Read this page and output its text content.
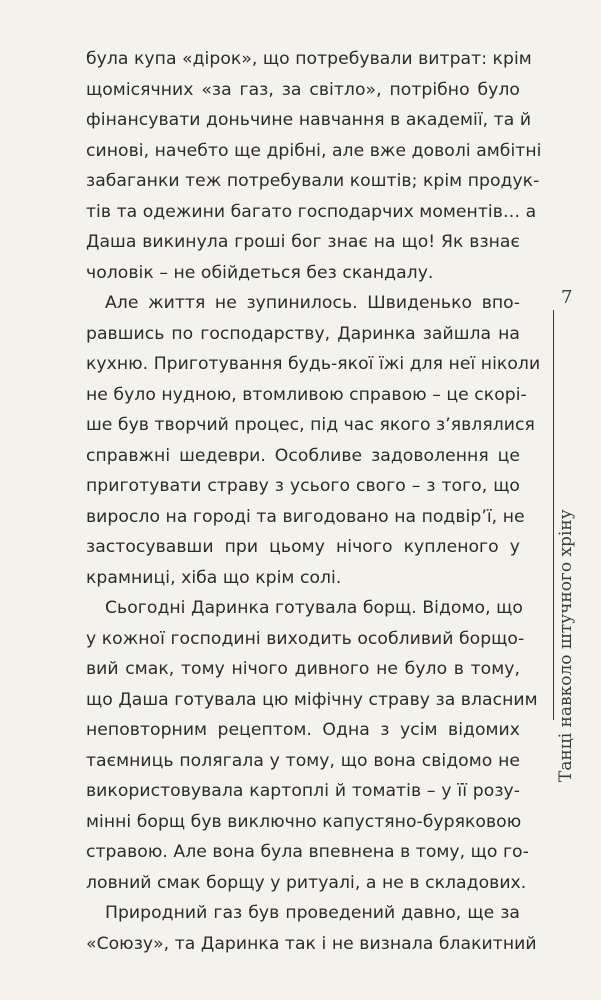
була купа «дірок», що потребували витрат: крім
щомісячних «за газ, за світло», потрібно було
фінансувати доньчине навчання в академії, та й
синові, начебто ще дрібні, але вже доволі амбітні
забаганки теж потребували коштів; крім продук-
тів та одежини багато господарчих моментів… а
Даша викинула гроші бог знає на що! Як взнає
чоловік – не обійдеться без скандалу.
Але життя не зупинилось. Швиденько впо-
равшись по господарству, Даринка зайшла на
кухню. Приготування будь-якої їжі для неї ніколи
не було нудною, втомливою справою – це скорі-
ше був творчий процес, під час якого з’являлися
справжні шедеври. Особливе задоволення це
приготувати страву з усього свого – з того, що
виросло на городі та вигодовано на подвір’ї, не
застосувавши при цьому нічого купленого у
крамниці, хіба що крім солі.
Сьогодні Даринка готувала борщ. Відомо, що
у кожної господині виходить особливий борщо-
вий смак, тому нічого дивного не було в тому,
що Даша готувала цю міфічну страву за власним
неповторним рецептом. Одна з усім відомих
таємниць полягала у тому, що вона свідомо не
використовувала картоплі й томатів – у її розу-
мінні борщ був виключно капустяно-буряковою
стравою. Але вона була впевнена в тому, що го-
ловний смак борщу у ритуалі, а не в складових.
Природний газ був проведений давно, ще за
«Союзу», та Даринка так і не визнала блакитний
7
Танці навколо штучного хріну
